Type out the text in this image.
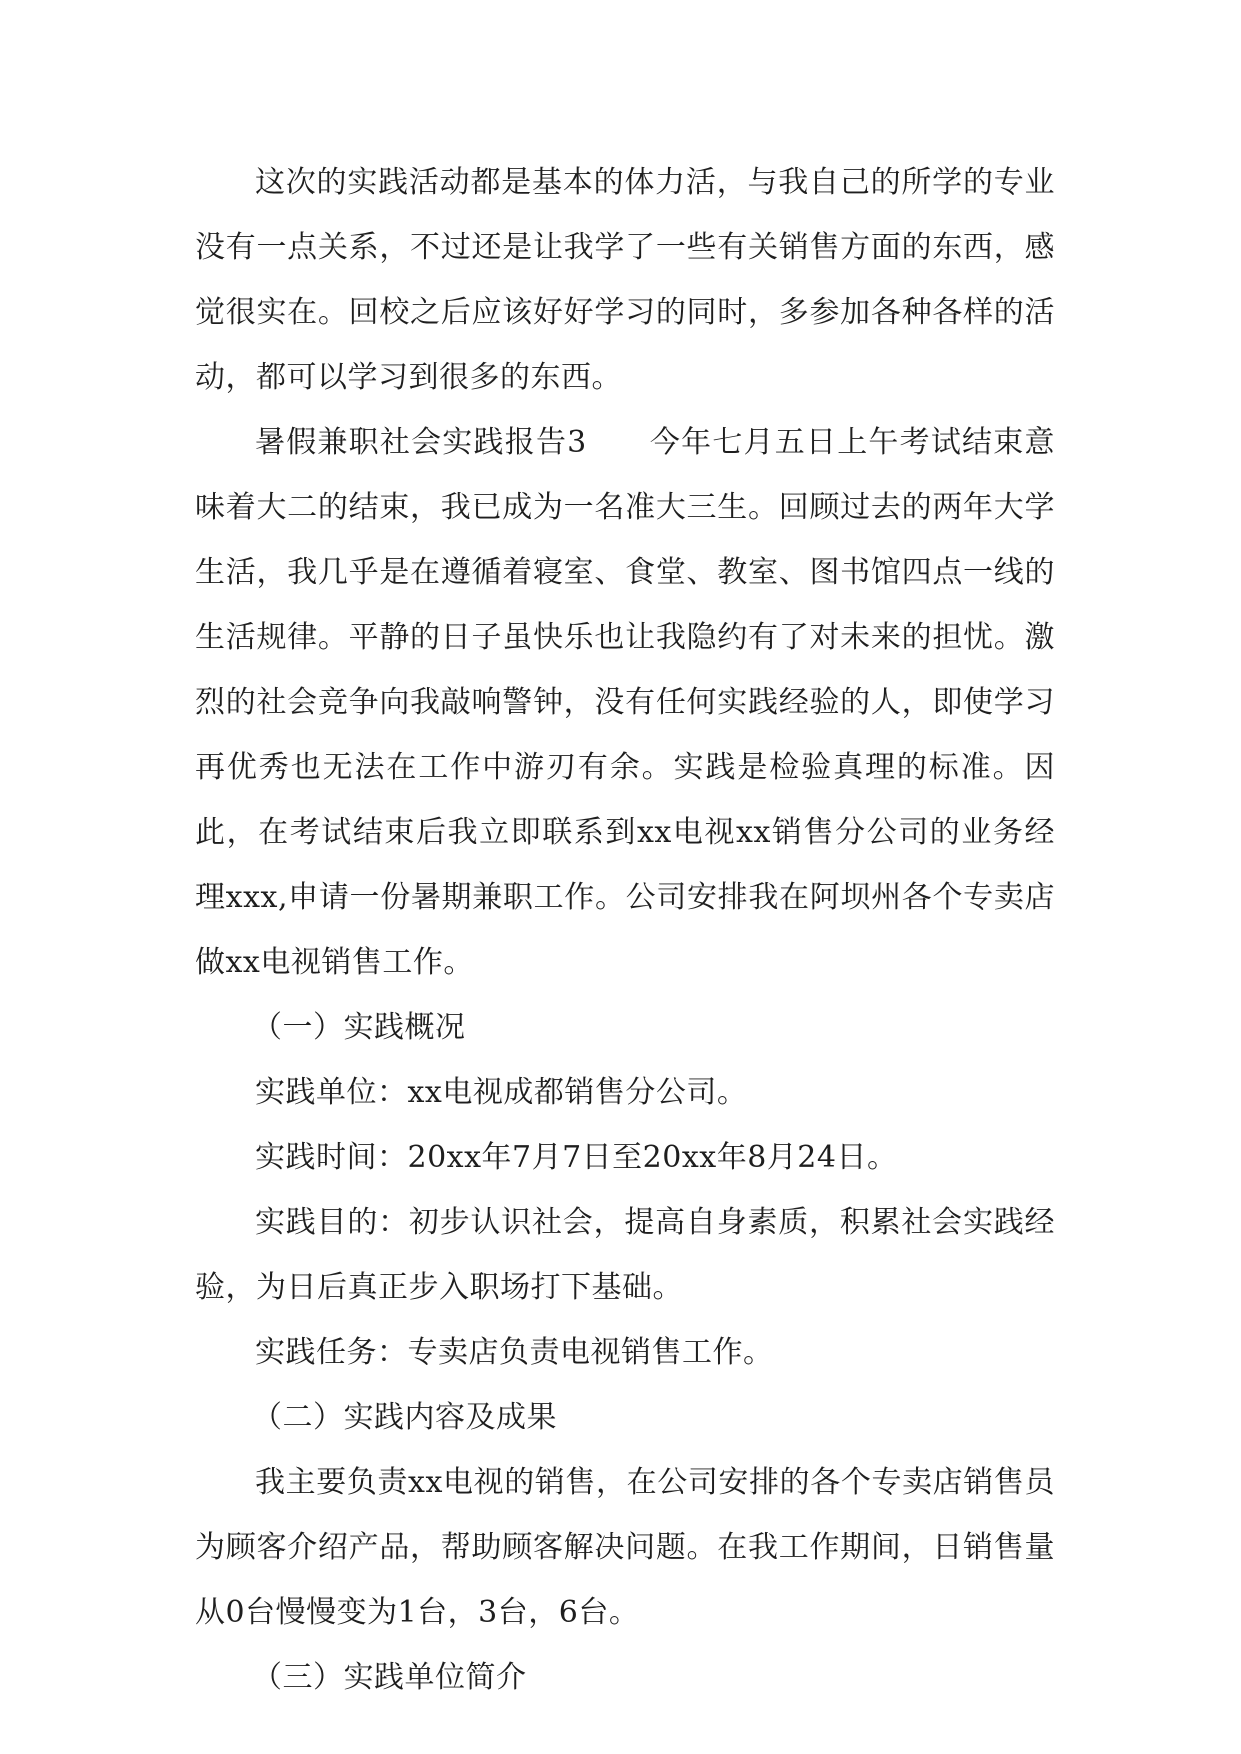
这次的实践活动都是基本的体力活，与我自己的所学的专业没有一点关系，不过还是让我学了一些有关销售方面的东西，感觉很实在。回校之后应该好好学习的同时，多参加各种各样的活动，都可以学习到很多的东西。

暑假兼职社会实践报告3　　今年七月五日上午考试结束意味着大二的结束，我已成为一名准大三生。回顾过去的两年大学生活，我几乎是在遵循着寝室、食堂、教室、图书馆四点一线的生活规律。平静的日子虽快乐也让我隐约有了对未来的担忧。激烈的社会竞争向我敲响警钟，没有任何实践经验的人，即使学习再优秀也无法在工作中游刃有余。实践是检验真理的标准。因此，在考试结束后我立即联系到xx电视xx销售分公司的业务经理xxx,申请一份暑期兼职工作。公司安排我在阿坝州各个专卖店做xx电视销售工作。

（一）实践概况

实践单位：xx电视成都销售分公司。

实践时间：20xx年7月7日至20xx年8月24日。

实践目的：初步认识社会，提高自身素质，积累社会实践经验，为日后真正步入职场打下基础。

实践任务：专卖店负责电视销售工作。

（二）实践内容及成果

我主要负责xx电视的销售，在公司安排的各个专卖店销售员为顾客介绍产品，帮助顾客解决问题。在我工作期间，日销售量从0台慢慢变为1台，3台，6台。

（三）实践单位简介
